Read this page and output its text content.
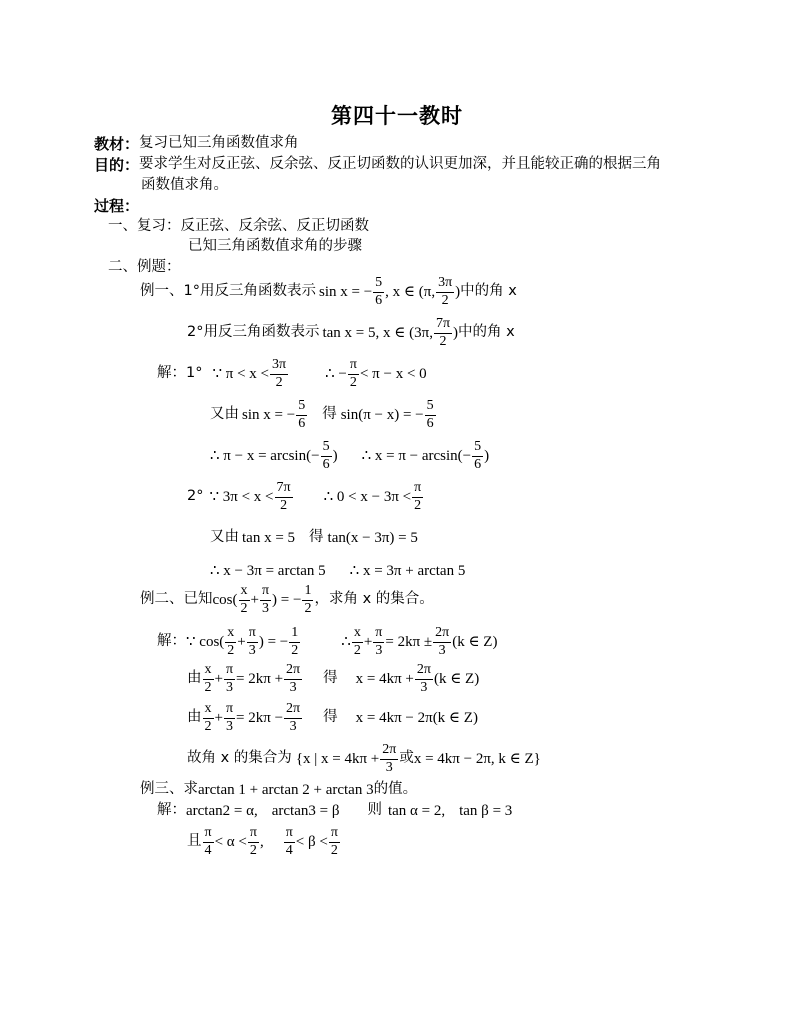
第四十一教时
教材： 复习已知三角函数值求角
目的： 要求学生对反正弦、反余弦、反正切函数的认识更加深，并且能较正确的根据三角
函数值求角。
过程：
一、复习：反正弦、反余弦、反正切函数
已知三角函数值求角的步骤
二、例题：
例一、1°用反三角函数表示 sin x = − $\frac{5}{6}$ , x ∈ (π, $\frac{3\pi}{2}$ ) 中的角 x
2°用反三角函数表示 tan x = 5, x ∈ (3π, $\frac{7\pi}{2}$ ) 中的角 x
解：1° ∵ $\pi < x < \frac{3\pi}{2}$ ∴ − $\frac{\pi}{2} < \pi - x < 0$
又由 sin x = − $\frac{5}{6}$ 得 sin(π − x) = − $\frac{5}{6}$
∴ $\pi - x = \arcsin(- \frac{5}{6}$ ) ∴ $x = \pi - \arcsin(- \frac{5}{6}$ )
2° ∵ $3\pi < x < \frac{7\pi}{2}$ ∴ $0 < x - 3\pi < \frac{\pi}{2}$
又由 tan x = 5 得 tan(x − 3π) = 5
∴ x − 3π = arctan 5 ∴ x = 3π + arctan 5
例二、已知 $\cos( \frac{x}{2} + \frac{\pi}{3}$ ) = − $\frac{1}{2}$ ，求角 x 的集合。
解： ∵ $\cos( \frac{x}{2} + \frac{\pi}{3}$ ) = − $\frac{1}{2}$	∴ $\frac{x}{2} + \frac{\pi}{3} = 2k\pi \pm \frac{2\pi}{3} (k$ ∈ Z)
由 $\frac{x}{2} + \frac{\pi}{3} = 2k\pi + \frac{2\pi}{3}$ 得 $x = 4k\pi + \frac{2\pi}{3} (k$ ∈ Z)
由 $\frac{x}{2} + \frac{\pi}{3} = 2k\pi - \frac{2\pi}{3}$ 得 x = 4kπ − 2π(k ∈ Z)
故角 x 的集合为 {x | $x = 4k\pi + \frac{2\pi}{3}$ 或 x = 4kπ − 2π, k ∈ Z}
例三、求 arctan 1 + arctan 2 + arctan 3 的值。
解： arctan2 = α, arctan3 = β 则 tan α = 2, tan β = 3
且 $\frac{\pi}{4} < \alpha < \frac{\pi}{2}$ , $\frac{\pi}{4} < \beta < \frac{\pi}{2}$
